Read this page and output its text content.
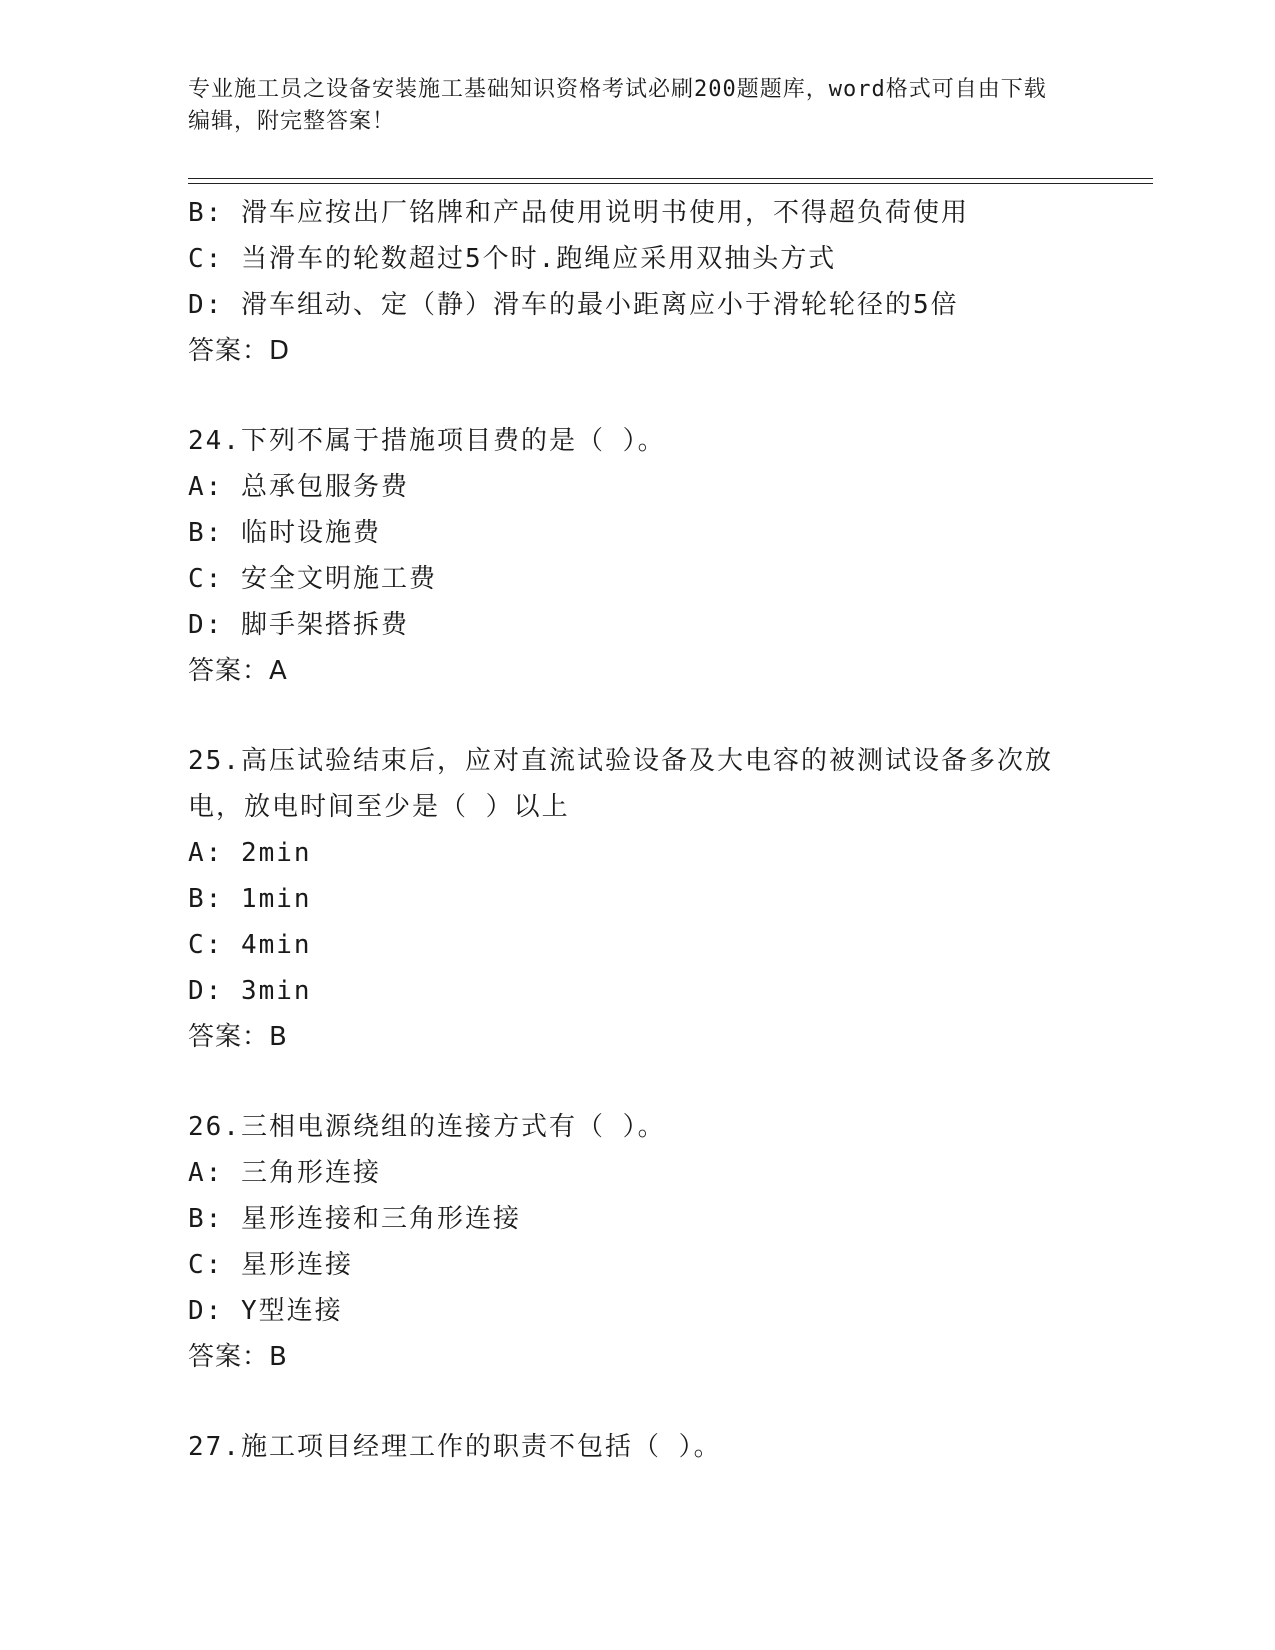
专业施工员之设备安装施工基础知识资格考试必刷200题题库，word格式可自由下载编辑，附完整答案！
B: 滑车应按出厂铭牌和产品使用说明书使用，不得超负荷使用
C: 当滑车的轮数超过5个时.跑绳应采用双抽头方式
D: 滑车组动、定（静）滑车的最小距离应小于滑轮轮径的5倍
答案：D
24.下列不属于措施项目费的是（ ）。
A: 总承包服务费
B: 临时设施费
C: 安全文明施工费
D: 脚手架搭拆费
答案：A
25.高压试验结束后，应对直流试验设备及大电容的被测试设备多次放
电，放电时间至少是（ ）以上
A: 2min
B: 1min
C: 4min
D: 3min
答案：B
26.三相电源绕组的连接方式有（ ）。
A: 三角形连接
B: 星形连接和三角形连接
C: 星形连接
D: Y型连接
答案：B
27.施工项目经理工作的职责不包括（ ）。
